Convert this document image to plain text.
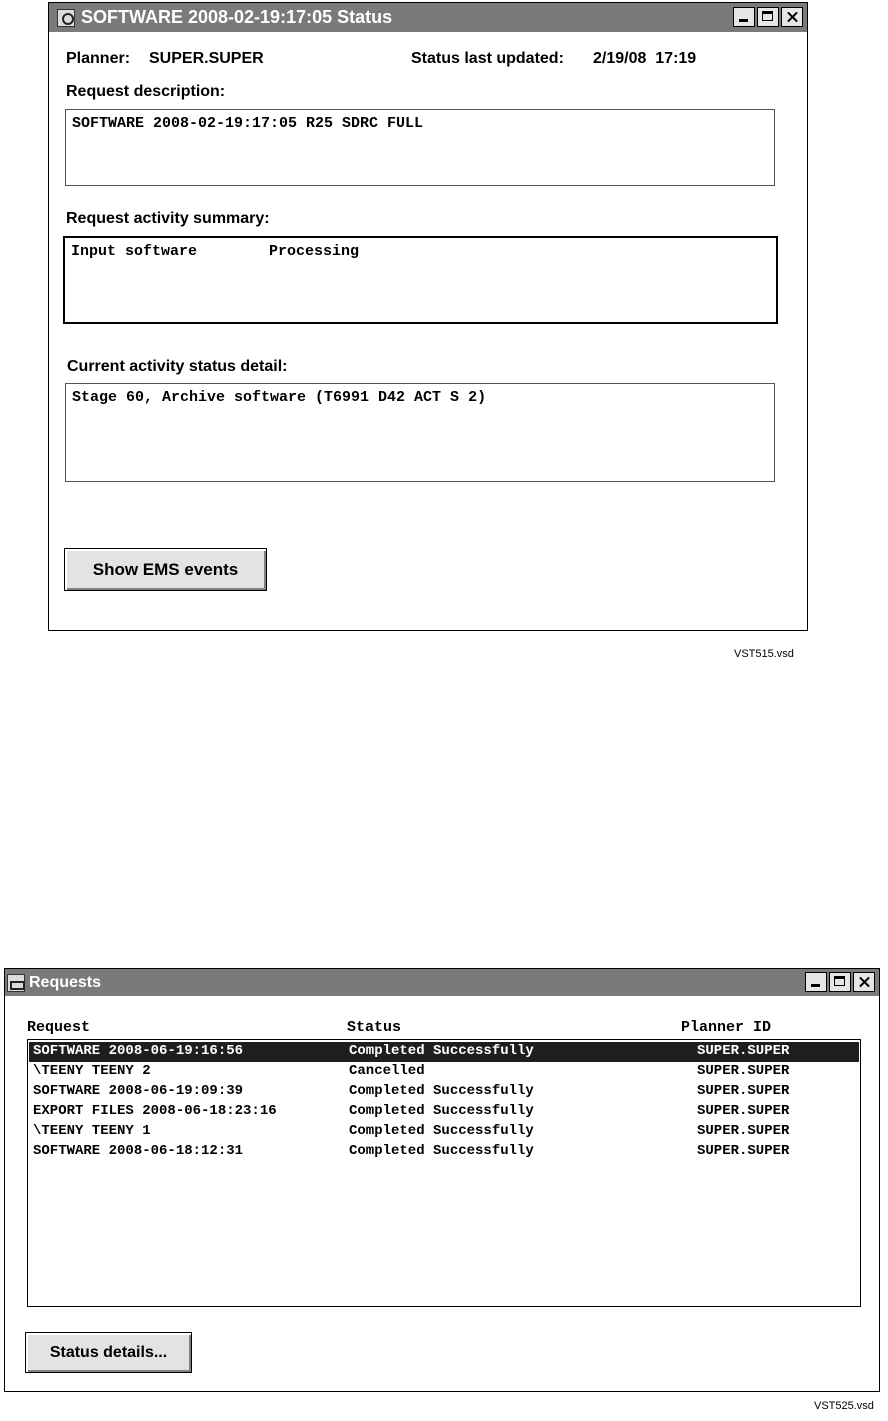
SOFTWARE 2008-02-19:17:05 Status
Planner: SUPER.SUPER	Status last updated: 2/19/08  17:19
Request description:
SOFTWARE 2008-02-19:17:05 R25 SDRC FULL
Request activity summary:
Input software        Processing
Current activity status detail:
Stage 60, Archive software (T6991 D42 ACT S 2)
Show EMS events
VST515.vsd
Requests
Request	Status	Planner ID
SOFTWARE 2008-06-19:16:56	Completed Successfully	SUPER.SUPER
\TEENY TEENY 2	Cancelled	SUPER.SUPER
SOFTWARE 2008-06-19:09:39	Completed Successfully	SUPER.SUPER
EXPORT FILES 2008-06-18:23:16	Completed Successfully	SUPER.SUPER
\TEENY TEENY 1	Completed Successfully	SUPER.SUPER
SOFTWARE 2008-06-18:12:31	Completed Successfully	SUPER.SUPER
Status details...
VST525.vsd
